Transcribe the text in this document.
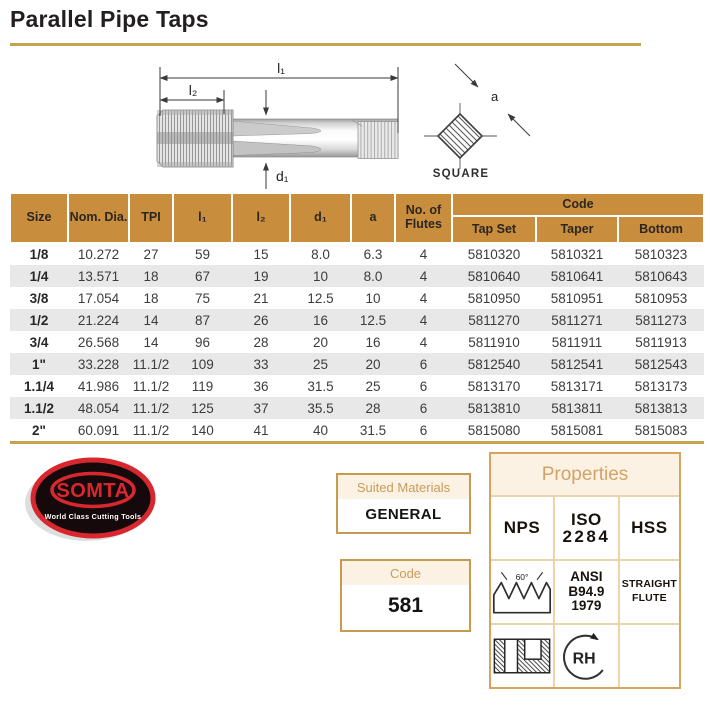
Parallel Pipe Taps
l₁
l₂
d₁
a
SQUARE
Size	Nom. Dia.	TPI	l₁	l₂	d₁	a	No. of Flutes	Code		
								Tap Set	Taper	Bottom
1/8	10.272	27	59	15	8.0	6.3	4	5810320	5810321	5810323
1/4	13.571	18	67	19	10	8.0	4	5810640	5810641	5810643
3/8	17.054	18	75	21	12.5	10	4	5810950	5810951	5810953
1/2	21.224	14	87	26	16	12.5	4	5811270	5811271	5811273
3/4	26.568	14	96	28	20	16	4	5811910	5811911	5811913
1"	33.228	11.1/2	109	33	25	20	6	5812540	5812541	5812543
1.1/4	41.986	11.1/2	119	36	31.5	25	6	5813170	5813171	5813173
1.1/2	48.054	11.1/2	125	37	35.5	28	6	5813810	5813811	5813813
2"	60.091	11.1/2	140	41	40	31.5	6	5815080	5815081	5815083
SOMTA
World Class Cutting Tools
Suited Materials
GENERAL
Code
581
Properties
NPS	ISO
2284	HSS
60°	ANSI
B94.9
1979
STRAIGHT
FLUTE
RH
